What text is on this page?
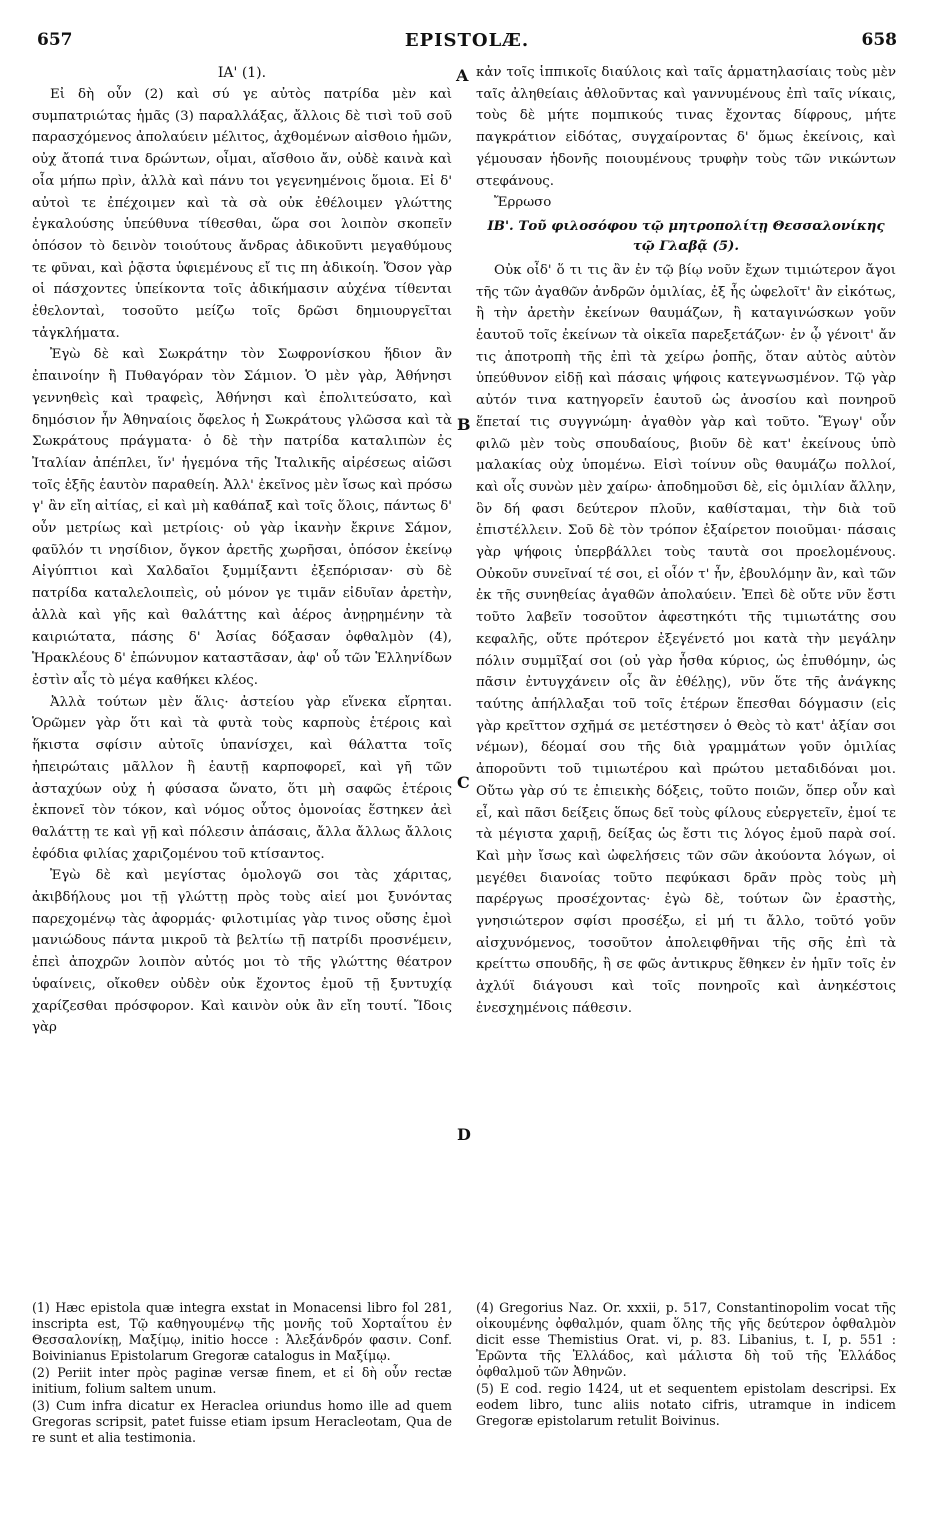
657	EPISTOLÆ.	658
A
B
C
D
ΙΑ' (1).

Εἰ δὴ οὖν (2) καὶ σύ γε αὐτὸς πατρίδα μὲν καὶ συμπατριώτας ἡμᾶς (3) παραλλάξας, ἄλλοις δὲ τισὶ τοῦ σοῦ παρασχόμενος ἀπολαύειν μέλιτος, ἀχθομένων αἰσθοιο ἡμῶν, οὐχ ἄτοπά τινα δρώντων, οἶμαι, αἴσθοιο ἄν, οὐδὲ καινὰ καὶ οἷα μήπω πρὶν, ἀλλὰ καὶ πάνυ τοι γεγενημένοις ὅμοια. Εἰ δ' αὐτοὶ τε ἐπέχοιμεν καὶ τὰ σὰ οὐκ ἐθέλοιμεν γλώττης ἐγκαλούσης ὑπεύθυνα τίθεσθαι, ὥρα σοι λοιπὸν σκοπεῖν ὁπόσον τὸ δεινὸν τοιούτους ἄνδρας ἀδικοῦντι μεγαθύμους τε φῦναι, καὶ ῥᾷστα ὑφιεμένους εἴ τις πη ἀδικοίη. Ὅσον γὰρ οἱ πάσχοντες ὑπείκοντα τοῖς ἀδικήμασιν αὐχένα τίθενται ἐθελονταὶ, τοσοῦτο μείζω τοῖς δρῶσι δημιουργεῖται τἀγκλήματα.

Ἐγὼ δὲ καὶ Σωκράτην τὸν Σωφρονίσκου ἥδιον ἂν ἐπαινοίην ἢ Πυθαγόραν τὸν Σάμιον. Ὁ μὲν γὰρ, Ἀθήνησι γεννηθεὶς καὶ τραφεὶς, Ἀθήνησι καὶ ἐπολιτεύσατο, καὶ δημόσιον ἦν Ἀθηναίοις ὄφελος ἡ Σωκράτους γλῶσσα καὶ τὰ Σωκράτους πράγματα· ὁ δὲ τὴν πατρίδα καταλιπὼν ἐς Ἰταλίαν ἀπέπλει, ἵν' ἡγεμόνα τῆς Ἰταλικῆς αἱρέσεως αἰῶσι τοῖς ἑξῆς ἑαυτὸν παραθείη. Ἀλλ' ἐκεῖνος μὲν ἴσως καὶ πρόσω γ' ἂν εἴη αἰτίας, εἰ καὶ μὴ καθάπαξ καὶ τοῖς ὅλοις, πάντως δ' οὖν μετρίως καὶ μετρίοις· οὐ γὰρ ἱκανὴν ἔκρινε Σάμον, φαῦλόν τι νησίδιον, ὄγκον ἀρετῆς χωρῆσαι, ὁπόσον ἐκείνῳ Αἰγύπτιοι καὶ Χαλδαῖοι ξυμμίξαντι ἐξεπόρισαν· σὺ δὲ πατρίδα καταλελοιπεὶς, οὐ μόνον γε τιμᾶν εἰδυῖαν ἀρετὴν, ἀλλὰ καὶ γῆς καὶ θαλάττης καὶ ἀέρος ἀνῃρημένην τὰ καιριώτατα, πάσης δ' Ἀσίας δόξασαν ὀφθαλμὸν (4), Ἡρακλέους δ' ἐπώνυμον καταστᾶσαν, ἀφ' οὗ τῶν Ἑλληνίδων ἐστὶν αἷς τὸ μέγα καθήκει κλέος.

Ἀλλὰ τούτων μὲν ἅλις· ἀστείου γὰρ εἵνεκα εἴρηται. Ὁρῶμεν γὰρ ὅτι καὶ τὰ φυτὰ τοὺς καρποὺς ἑτέροις καὶ ἥκιστα σφίσιν αὐτοῖς ὑπανίσχει, καὶ θάλαττα τοῖς ἠπειρώταις μᾶλλον ἢ ἑαυτῇ καρποφορεῖ, καὶ γῆ τῶν ἀσταχύων οὐχ ἡ φύσασα ὤνατο, ὅτι μὴ σαφῶς ἑτέροις ἐκπονεῖ τὸν τόκον, καὶ νόμος οὗτος ὁμονοίας ἕστηκεν ἀεὶ θαλάττῃ τε καὶ γῇ καὶ πόλεσιν ἁπάσαις, ἄλλα ἄλλως ἄλλοις ἐφόδια φιλίας χαριζομένου τοῦ κτίσαντος.

Ἐγὼ δὲ καὶ μεγίστας ὁμολογῶ σοι τὰς χάριτας, ἀκιβδήλους μοι τῇ γλώττῃ πρὸς τοὺς αἰεί μοι ξυνόντας παρεχομένῳ τὰς ἀφορμάς· φιλοτιμίας γὰρ τινος οὔσης ἐμοὶ μανιώδους πάντα μικροῦ τὰ βελτίω τῇ πατρίδι προσνέμειν, ἐπεὶ ἀποχρῶν λοιπὸν αὐτός μοι τὸ τῆς γλώττης θέατρον ὑφαίνεις, οἴκοθεν οὐδὲν οὐκ ἔχοντος ἐμοῦ τῇ ξυντυχίᾳ χαρίζεσθαι πρόσφορον. Καὶ καινὸν οὐκ ἂν εἴη τουτί. Ἴδοις γὰρ

κἀν τοῖς ἱππικοῖς διαύλοις καὶ ταῖς ἁρματηλασίαις τοὺς μὲν ταῖς ἀληθείαις ἀθλοῦντας καὶ γαννυμένους ἐπὶ ταῖς νίκαις, τοὺς δὲ μήτε πομπικούς τινας ἔχοντας δίφρους, μήτε παγκράτιον εἰδότας, συγχαίροντας δ' ὅμως ἐκείνοις, καὶ γέμουσαν ἡδονῆς ποιουμένους τρυφὴν τοὺς τῶν νικώντων στεφάνους.

Ἔρρωσο

ΙΒ'. Τοῦ φιλοσόφου τῷ μητροπολίτῃ Θεσσαλονίκης τῷ Γλαβᾷ (5).

Οὐκ οἶδ' ὅ τι τις ἂν ἐν τῷ βίῳ νοῦν ἔχων τιμιώτερον ἄγοι τῆς τῶν ἀγαθῶν ἀνδρῶν ὁμιλίας, ἐξ ἧς ὠφελοῖτ' ἂν εἰκότως, ἢ τὴν ἀρετὴν ἐκείνων θαυμάζων, ἢ καταγινώσκων γοῦν ἑαυτοῦ τοῖς ἐκείνων τὰ οἰκεῖα παρεξετάζων· ἐν ᾧ γένοιτ' ἄν τις ἀποτροπὴ τῆς ἐπὶ τὰ χείρω ῥοπῆς, ὅταν αὐτὸς αὑτὸν ὑπεύθυνον εἰδῇ καὶ πάσαις ψήφοις κατεγνωσμένον. Τῷ γὰρ αὐτόν τινα κατηγορεῖν ἑαυτοῦ ὡς ἀνοσίου καὶ πονηροῦ ἕπεταί τις συγγνώμη· ἀγαθὸν γὰρ καὶ τοῦτο. Ἔγωγ' οὖν φιλῶ μὲν τοὺς σπουδαίους, βιοῦν δὲ κατ' ἐκείνους ὑπὸ μαλακίας οὐχ ὑπομένω. Εἰσὶ τοίνυν οὓς θαυμάζω πολλοί, καὶ οἷς συνὼν μὲν χαίρω· ἀποδημοῦσι δὲ, εἰς ὁμιλίαν ἄλλην, ὃν δή φασι δεύτερον πλοῦν, καθίσταμαι, τὴν διὰ τοῦ ἐπιστέλλειν. Σοῦ δὲ τὸν τρόπον ἐξαίρετον ποιοῦμαι· πάσαις γὰρ ψήφοις ὑπερβάλλει τοὺς ταυτὰ σοι προελομένους. Οὐκοῦν συνεῖναί τέ σοι, εἰ οἷόν τ' ἦν, ἐβουλόμην ἂν, καὶ τῶν ἐκ τῆς συνηθείας ἀγαθῶν ἀπολαύειν. Ἐπεὶ δὲ οὔτε νῦν ἔστι τοῦτο λαβεῖν τοσοῦτον ἀφεστηκότι τῆς τιμιωτάτης σου κεφαλῆς, οὔτε πρότερον ἐξεγένετό μοι κατὰ τὴν μεγάλην πόλιν συμμῖξαί σοι (οὐ γὰρ ἦσθα κύριος, ὡς ἐπυθόμην, ὡς πᾶσιν ἐντυγχάνειν οἷς ἂν ἐθέλῃς), νῦν ὅτε τῆς ἀνάγκης ταύτης ἀπήλλαξαι τοῦ τοῖς ἑτέρων ἕπεσθαι δόγμασιν (εἰς γὰρ κρεῖττον σχῆμά σε μετέστησεν ὁ Θεὸς τὸ κατ' ἀξίαν σοι νέμων), δέομαί σου τῆς διὰ γραμμάτων γοῦν ὁμιλίας ἀποροῦντι τοῦ τιμιωτέρου καὶ πρώτου μεταδιδόναι μοι. Οὕτω γὰρ σύ τε ἐπιεικὴς δόξεις, τοῦτο ποιῶν, ὅπερ οὖν καὶ εἶ, καὶ πᾶσι δείξεις ὅπως δεῖ τοὺς φίλους εὐεργετεῖν, ἐμοί τε τὰ μέγιστα χαριῇ, δείξας ὡς ἔστι τις λόγος ἐμοῦ παρὰ σοί. Καὶ μὴν ἴσως καὶ ὠφελήσεις τῶν σῶν ἀκούοντα λόγων, οἱ μεγέθει διανοίας τοῦτο πεφύκασι δρᾶν πρὸς τοὺς μὴ παρέργως προσέχοντας· ἐγὼ δὲ, τούτων ὢν ἐραστὴς, γνησιώτερον σφίσι προσέξω, εἰ μή τι ἄλλο, τοῦτό γοῦν αἰσχυνόμενος, τοσοῦτον ἀπολειφθῆναι τῆς σῆς ἐπὶ τὰ κρείττω σπουδῆς, ἢ σε φῶς ἀντικρυς ἔθηκεν ἐν ἡμῖν τοῖς ἐν ἀχλύϊ διάγουσι καὶ τοῖς πονηροῖς καὶ ἀνηκέστοις ἐνεσχημένοις πάθεσιν.

(1) Hæc epistola quæ integra exstat in Monacensi libro fol 281, inscripta est, Τῷ καθηγουμένῳ τῆς μονῆς τοῦ Χορταΐτου ἐν Θεσσαλονίκῃ, Μαξίμῳ, initio hocce : Ἀλεξάνδρόν φασιν. Conf. Boivinianus Epistolarum Gregoræ catalogus in Μαξίμῳ.
(2) Periit inter πρὸς paginæ versæ finem, et εἰ δὴ οὖν rectæ initium, folium saltem unum.
(3) Cum infra dicatur ex Heraclea oriundus homo ille ad quem Gregoras scripsit, patet fuisse etiam ipsum Heracleotam, Qua de re sunt et alia testimonia.
(4) Gregorius Naz. Or. xxxii, p. 517, Constantinopolim vocat τῆς οἰκουμένης ὀφθαλμόν, quam ὅλης τῆς γῆς δεύτερον ὀφθαλμὸν dicit esse Themistius Orat. vi, p. 83. Libanius, t. I, p. 551 : Ἐρῶντα τῆς Ἑλλάδος, καὶ μάλιστα δὴ τοῦ τῆς Ἑλλάδος ὀφθαλμοῦ τῶν Ἀθηνῶν.
(5) E cod. regio 1424, ut et sequentem epistolam descripsi. Ex eodem libro, tunc aliis notato cifris, utramque in indicem Gregoræ epistolarum retulit Boivinus.
